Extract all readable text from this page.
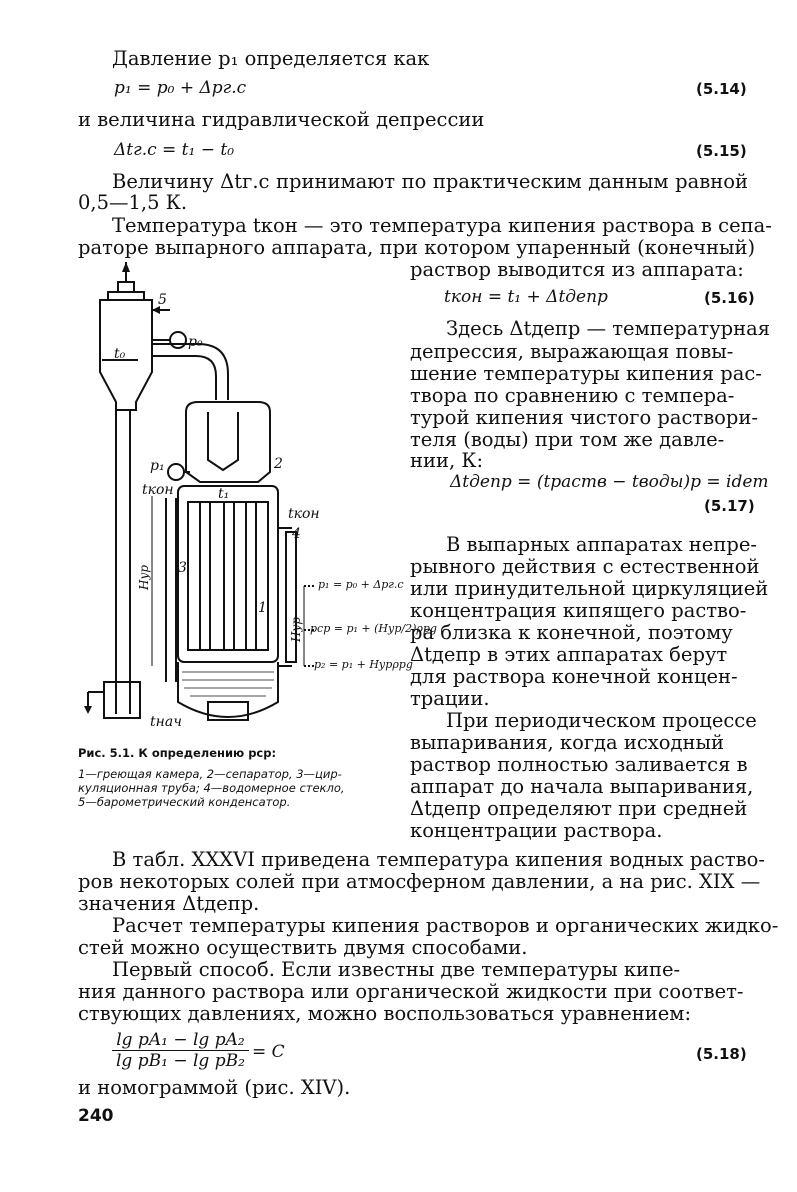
Давление p₁ определяется как
p₁ = p₀ + Δpг.с	(5.14)
и величина гидравлической депрессии
Δtг.с = t₁ − t₀	(5.15)
Величину Δtг.с принимают по практическим данным равной
0,5—1,5 К.
Температура tкон — это температура кипения раствора в сепа-
раторе выпарного аппарата, при котором упаренный (конечный)
раствор выводится из аппарата:
tкон = t₁ + Δtдепр	(5.16)
Здесь Δtдепр — температурная
депрессия, выражающая повы-
шение температуры кипения рас-
твора по сравнению с темпера-
турой кипения чистого раствори-
теля (воды) при том же давле-
нии, К:
Δtдепр = (tраств − tводы)p = idem
(5.17)
В выпарных аппаратах непре-
рывного действия с естественной
или принудительной циркуляцией
концентрация кипящего раство-
ра близка к конечной, поэтому
Δtдепр в этих аппаратах берут
для раствора конечной концен-
трации.
При периодическом процессе
выпаривания, когда исходный
раствор полностью заливается в
аппарат до начала выпаривания,
Δtдепр определяют при средней
концентрации раствора.
5
p₀
t₀
2
p₁
t₁
tкон
tкон
4
3
1
Hур
Hур
p₁ = p₀ + Δpг.с
pср = p₁ + (Hур/2)ρрg
p₂ = p₁ + Hурρрg
tнач
Рис. 5.1. К определению pср:
1—греющая камера, 2—сепаратор, 3—цир-
куляционная труба; 4—водомерное стекло,
5—барометрический конденсатор.
В табл. XXXVI приведена температура кипения водных раство-
ров некоторых солей при атмосферном давлении, а на рис. XIX —
значения Δtдепр.
Расчет температуры кипения растворов и органических жидко-
стей можно осуществить двумя способами.
Первый способ. Если известны две температуры кипе-
ния данного раствора или органической жидкости при соответ-
ствующих давлениях, можно воспользоваться уравнением:
$\frac{\text{lg pA₁ − lg pA₂}}{\text{lg pB₁ − lg pB₂}} = C$	(5.18)
и номограммой (рис. XIV).
240
